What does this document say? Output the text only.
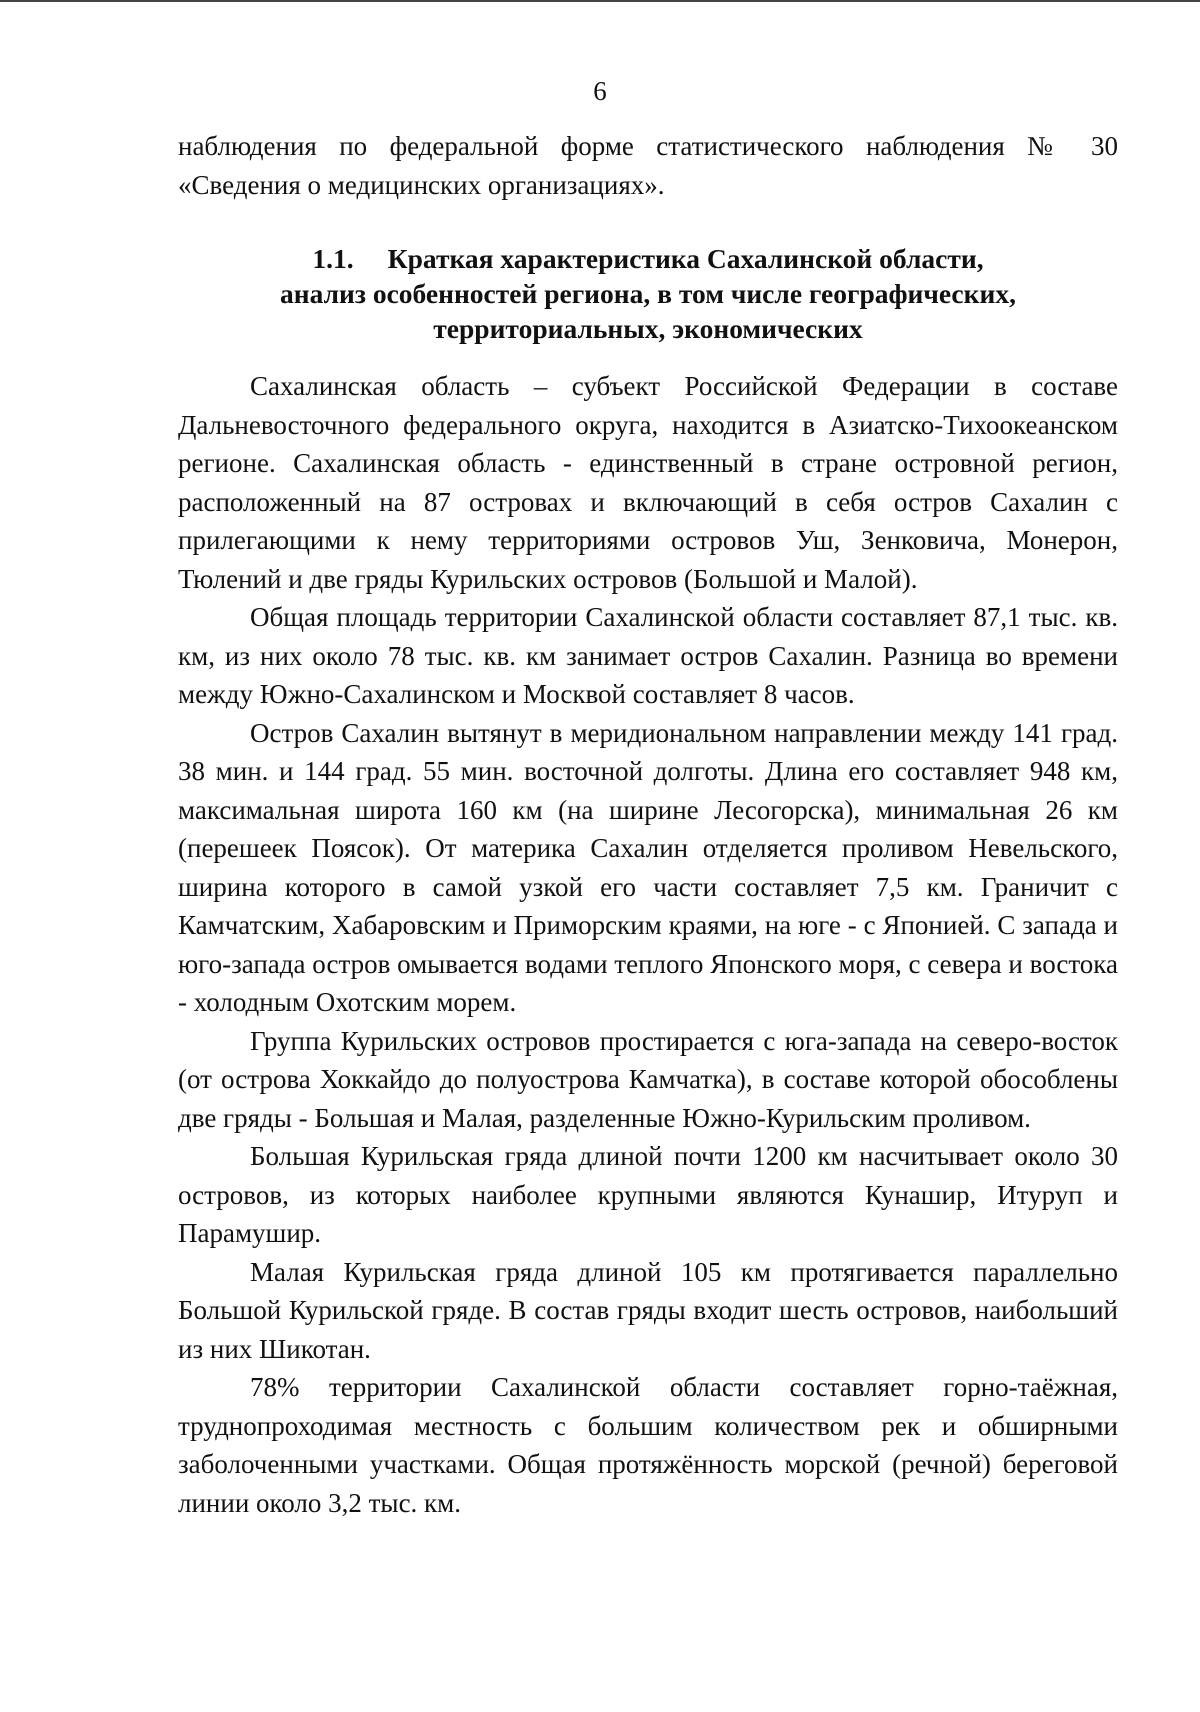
6

наблюдения по федеральной форме статистического наблюдения № 30

«Сведения о медицинских организациях».

1.1. Краткая характеристика Сахалинской области,
анализ особенностей региона, в том числе географических,
территориальных, экономических

Сахалинская область – субъект Российской Федерации в составе Дальневосточного федерального округа, находится в Азиатско-Тихоокеанском регионе. Сахалинская область - единственный в стране островной регион, расположенный на 87 островах и включающий в себя остров Сахалин с прилегающими к нему территориями островов Уш, Зенковича, Монерон, Тюлений и две гряды Курильских островов (Большой и Малой).

Общая площадь территории Сахалинской области составляет 87,1 тыс. кв. км, из них около 78 тыс. кв. км занимает остров Сахалин. Разница во времени между Южно-Сахалинском и Москвой составляет 8 часов.

Остров Сахалин вытянут в меридиональном направлении между 141 град. 38 мин. и 144 град. 55 мин. восточной долготы. Длина его составляет 948 км, максимальная широта 160 км (на ширине Лесогорска), минимальная 26 км (перешеек Поясок). От материка Сахалин отделяется проливом Невельского, ширина которого в самой узкой его части составляет 7,5 км. Граничит с Камчатским, Хабаровским и Приморским краями, на юге - с Японией. С запада и юго-запада остров омывается водами теплого Японского моря, с севера и востока - холодным Охотским морем.

Группа Курильских островов простирается с юга-запада на северо-восток (от острова Хоккайдо до полуострова Камчатка), в составе которой обособлены две гряды - Большая и Малая, разделенные Южно-Курильским проливом.

Большая Курильская гряда длиной почти 1200 км насчитывает около 30 островов, из которых наиболее крупными являются Кунашир, Итуруп и Парамушир.

Малая Курильская гряда длиной 105 км протягивается параллельно Большой Курильской гряде. В состав гряды входит шесть островов, наибольший из них Шикотан.

78% территории Сахалинской области составляет горно-таёжная, труднопроходимая местность с большим количеством рек и обширными заболоченными участками. Общая протяжённость морской (речной) береговой линии около 3,2 тыс. км.
